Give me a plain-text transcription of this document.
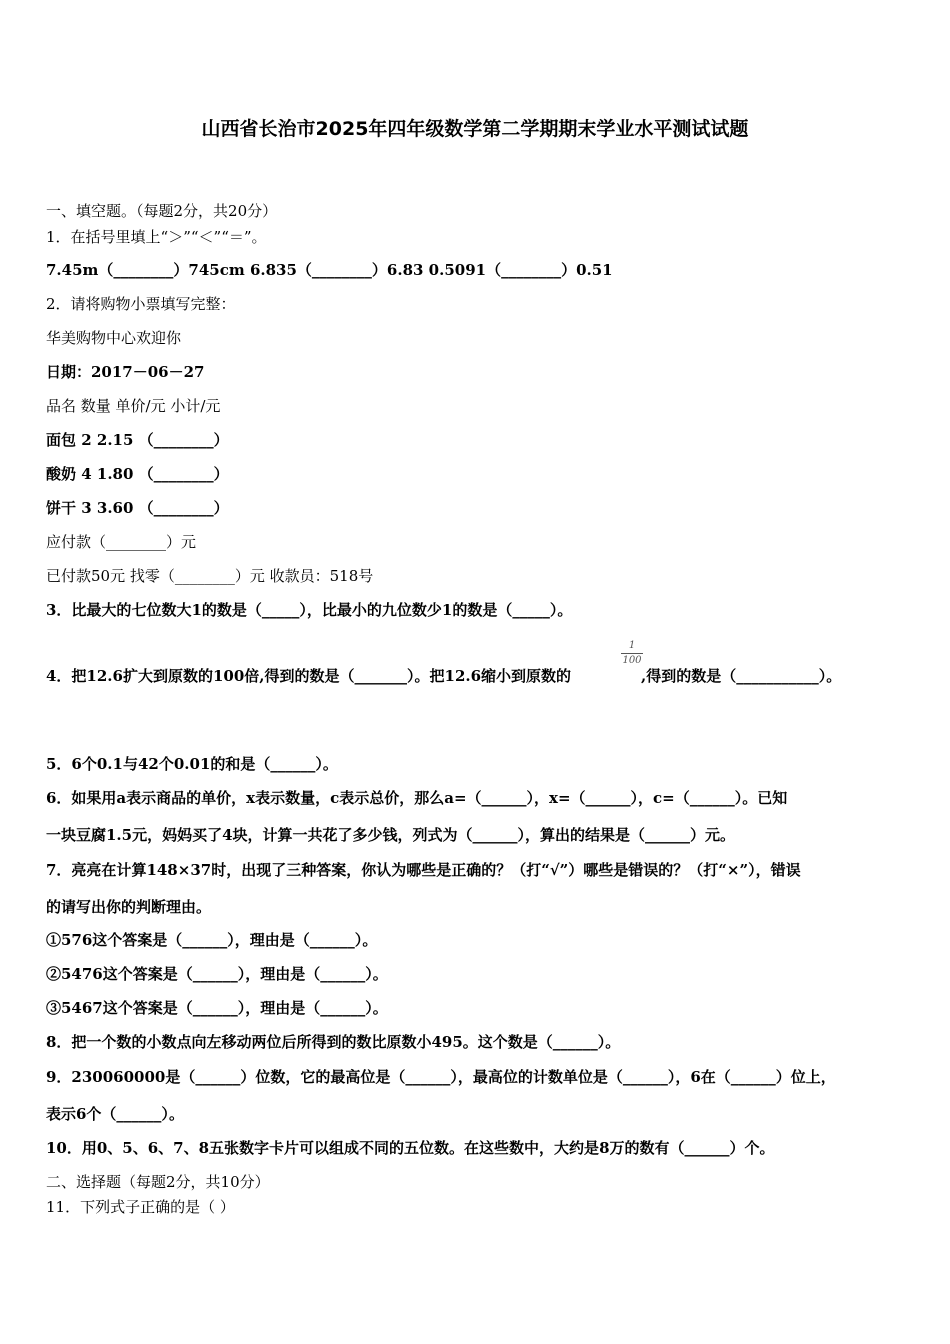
山西省长治市2025年四年级数学第二学期期末学业水平测试试题
一、填空题。（每题2分，共20分）
1．在括号里填上“＞”“＜”“＝”。
7.45m（________）745cm 6.835（________）6.83 0.5091（________）0.51
2．请将购物小票填写完整：
华美购物中心欢迎你
日期：2017－06－27
品名 数量 单价/元 小计/元
面包 2 2.15 （________）
酸奶 4 1.80 （________）
饼干 3 3.60 （________）
应付款（________）元
已付款50元 找零（________）元 收款员：518号
3．比最大的七位数大1的数是（_____），比最小的九位数少1的数是（_____）。
4．把12.6扩大到原数的100倍,得到的数是（_______）。把12.6缩小到原数的
1
100
,得到的数是（___________）。
5．6个0.1与42个0.01的和是（______）。
6．如果用a表示商品的单价，x表示数量，c表示总价，那么a=（______），x=（______），c=（______）。已知
一块豆腐1.5元，妈妈买了4块，计算一共花了多少钱，列式为（______），算出的结果是（______）元。
7．亮亮在计算148×37时，出现了三种答案，你认为哪些是正确的？（打“√”）哪些是错误的？（打“×”），错误
的请写出你的判断理由。
①576这个答案是（______），理由是（______）。
②5476这个答案是（______），理由是（______）。
③5467这个答案是（______），理由是（______）。
8．把一个数的小数点向左移动两位后所得到的数比原数小495。这个数是（______）。
9．230060000是（______）位数，它的最高位是（______），最高位的计数单位是（______），6在（______）位上，
表示6个（______）。
10．用0、5、6、7、8五张数字卡片可以组成不同的五位数。在这些数中，大约是8万的数有（______）个。
二、选择题（每题2分，共10分）
11．下列式子正确的是（ ）
